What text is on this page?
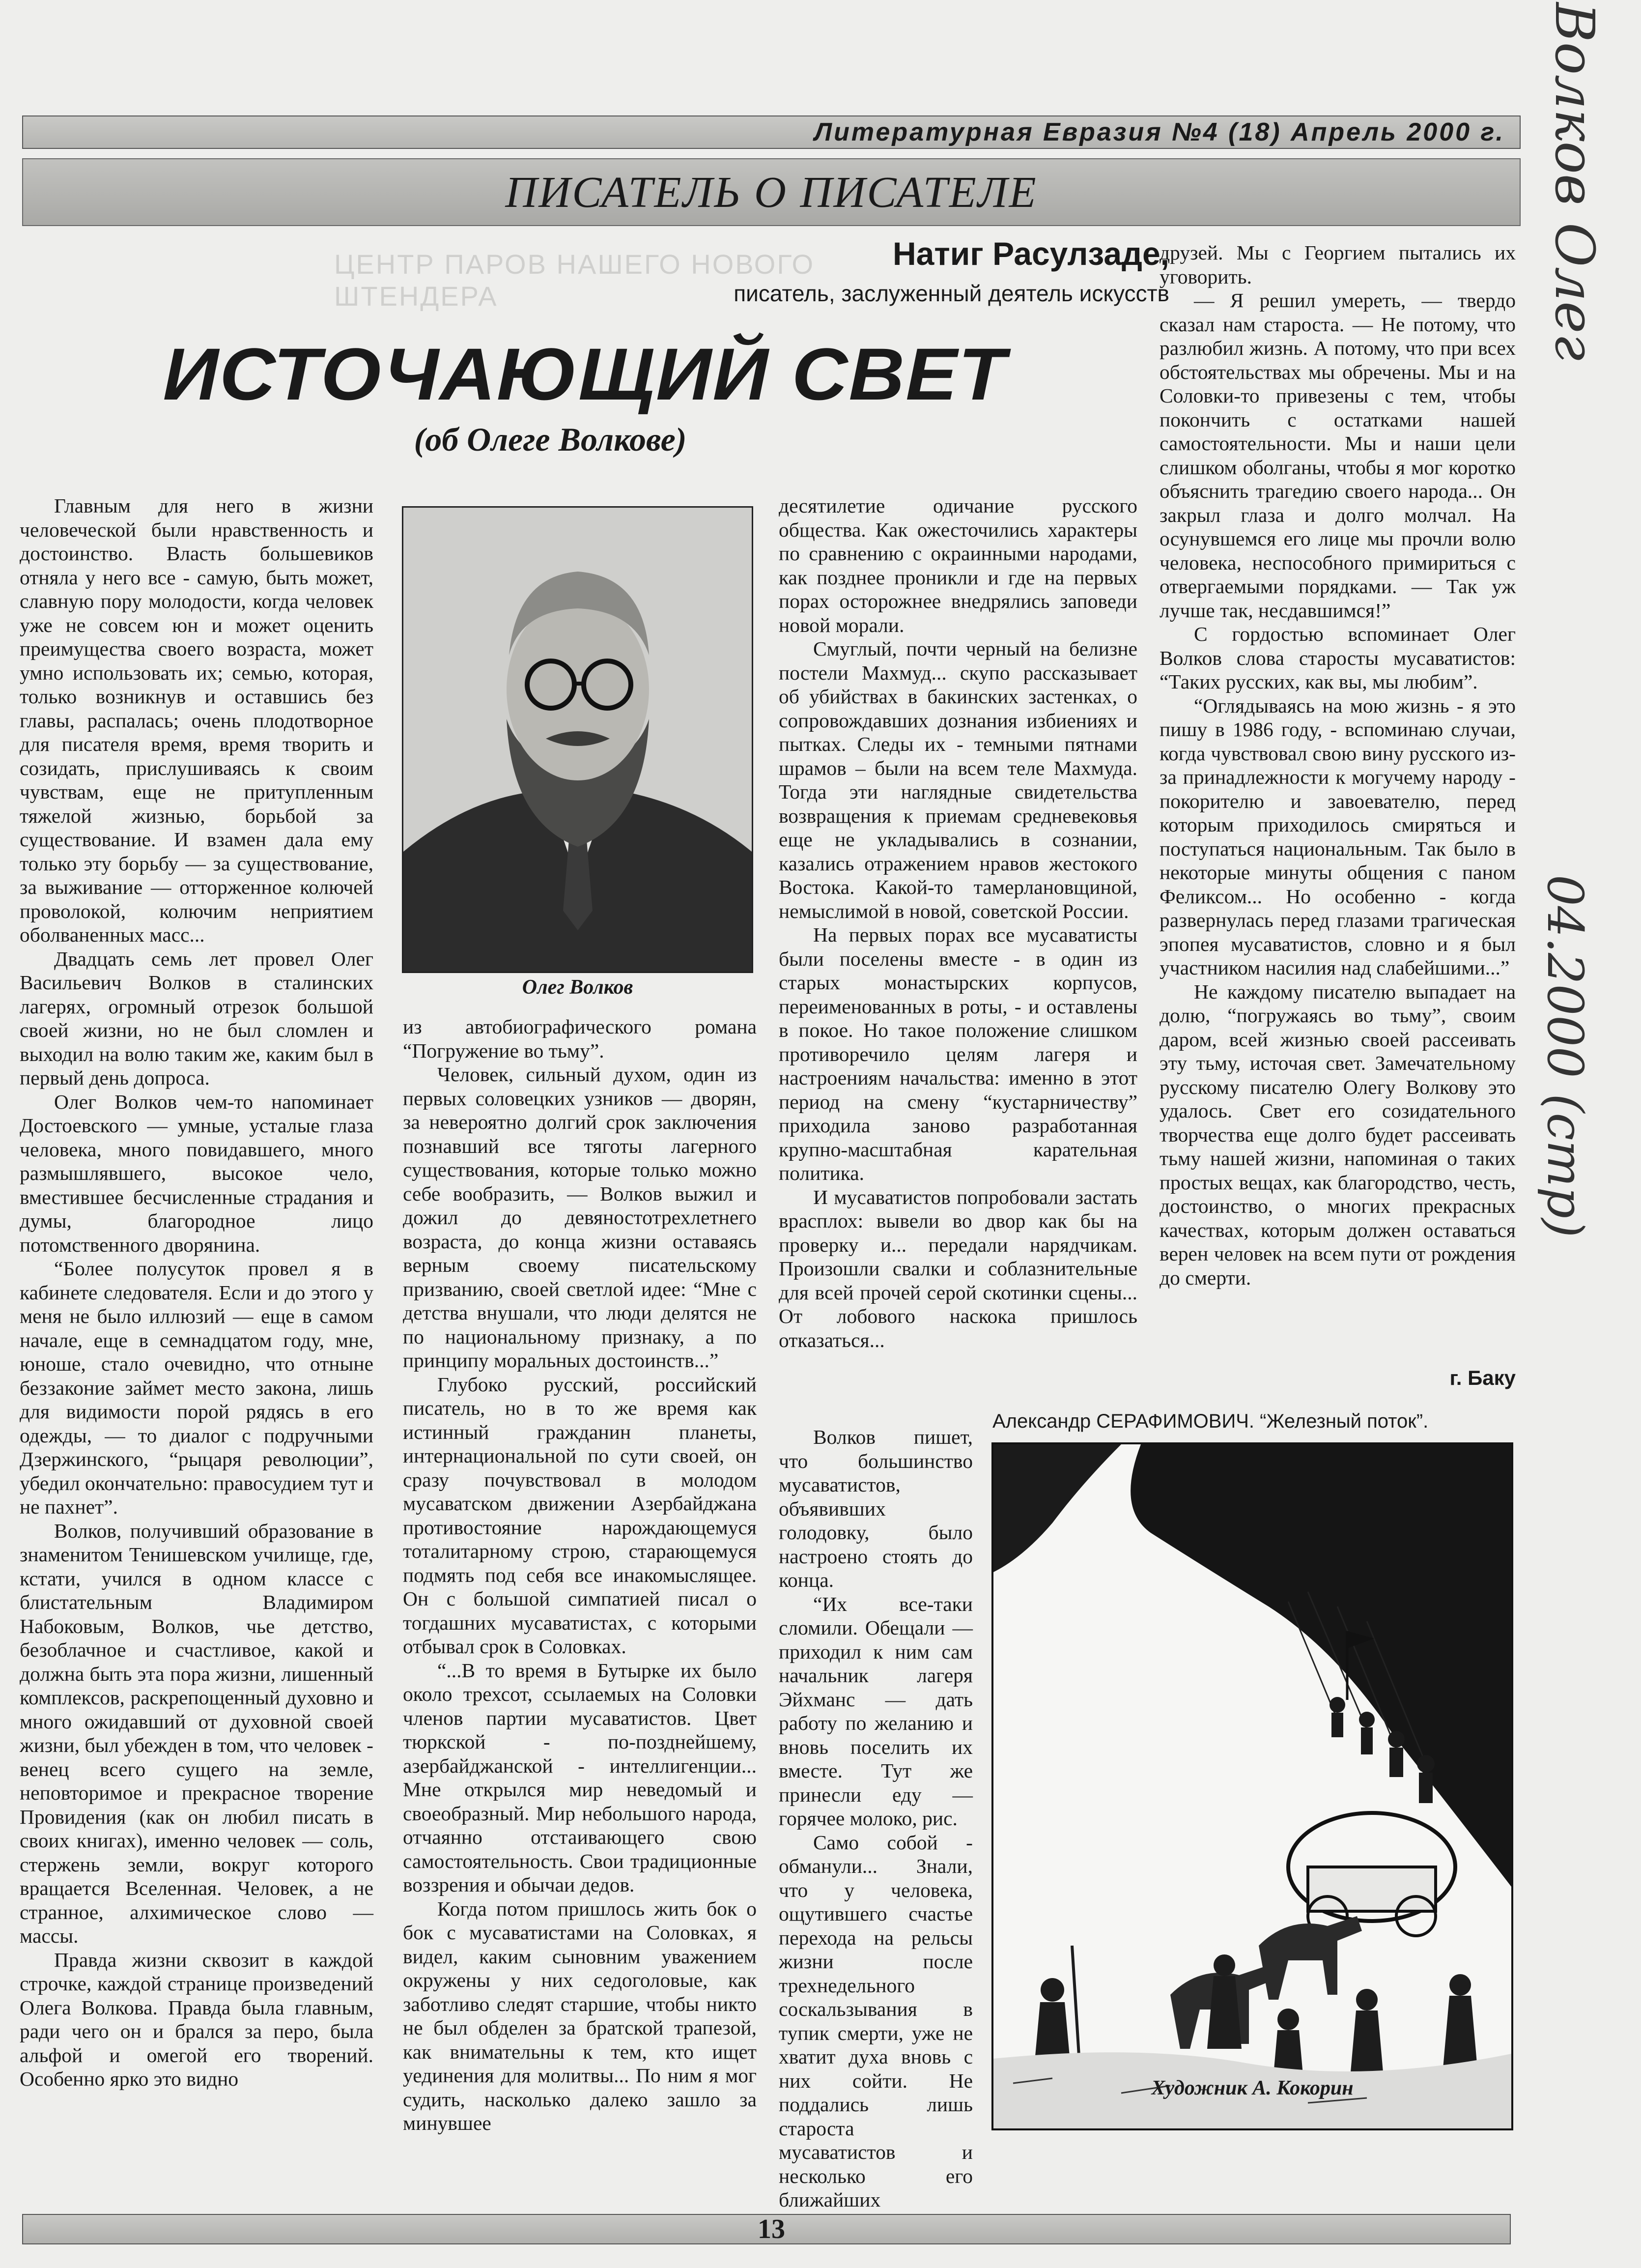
Литературная Евразия №4 (18) Апрель 2000 г.
ПИСАТЕЛЬ О ПИСАТЕЛЕ
ЦЕНТР ПАРОВ НАШЕГО НОВОГО ШТЕНДЕРА
Натиг Расулзаде,
писатель, заслуженный деятель искусств
ИСТОЧАЮЩИЙ СВЕТ
(об Олеге Волкове)

Главным для него в жизни человеческой были нравственность и достоинство. Власть большевиков отняла у него все - самую, быть может, славную пору молодости, когда человек уже не совсем юн и может оценить преимущества своего возраста, может умно использовать их; семью, которая, только возникнув и оставшись без главы, распалась; очень плодотворное для писателя время, время творить и созидать, прислушиваясь к своим чувствам, еще не притупленным тяжелой жизнью, борьбой за существование. И взамен дала ему только эту борьбу — за существование, за выживание — отторженное колючей проволокой, колючим неприятием оболваненных масс...

Двадцать семь лет провел Олег Васильевич Волков в сталинских лагерях, огромный отрезок большой своей жизни, но не был сломлен и выходил на волю таким же, каким был в первый день допроса.

Олег Волков чем-то напоминает Достоевского — умные, усталые глаза человека, много повидавшего, много размышлявшего, высокое чело, вместившее бесчисленные страдания и думы, благородное лицо потомственного дворянина.

“Более полусуток провел я в кабинете следователя. Если и до этого у меня не было иллюзий — еще в самом начале, еще в семнадцатом году, мне, юноше, стало очевидно, что отныне беззаконие займет место закона, лишь для видимости порой рядясь в его одежды, — то диалог с подручными Дзержинского, “рыцаря революции”, убедил окончательно: правосудием тут и не пахнет”.

Волков, получивший образование в знаменитом Тенишевском училище, где, кстати, учился в одном классе с блистательным Владимиром Набоковым, Волков, чье детство, безоблачное и счастливое, какой и должна быть эта пора жизни, лишенный комплексов, раскрепощенный духовно и много ожидавший от духовной своей жизни, был убежден в том, что человек - венец всего сущего на земле, неповторимое и прекрасное творение Провидения (как он любил писать в своих книгах), именно человек — соль, стержень земли, вокруг которого вращается Вселенная. Человек, а не странное, алхимическое слово — массы.

Правда жизни сквозит в каждой строчке, каждой странице произведений Олега Волкова. Правда была главным, ради чего он и брался за перо, была альфой и омегой его творений. Особенно ярко это видно

Олег Волков

из автобиографического романа “Погружение во тьму”.

Человек, сильный духом, один из первых соловецких узников — дворян, за невероятно долгий срок заключения познавший все тяготы лагерного существования, которые только можно себе вообразить, — Волков выжил и дожил до девяностотрехлетнего возраста, до конца жизни оставаясь верным своему писательскому призванию, своей светлой идее: “Мне с детства внушали, что люди делятся не по национальному признаку, а по принципу моральных достоинств...”

Глубоко русский, российский писатель, но в то же время как истинный гражданин планеты, интернациональной по сути своей, он сразу почувствовал в молодом мусаватском движении Азербайджана противостояние нарождающемуся тоталитарному строю, старающемуся подмять под себя все инакомыслящее. Он с большой симпатией писал о тогдашних мусаватистах, с которыми отбывал срок в Соловках.

“...В то время в Бутырке их было около трехсот, ссылаемых на Соловки членов партии мусаватистов. Цвет тюркской - по-позднейшему, азербайджанской - интеллигенции... Мне открылся мир неведомый и своеобразный. Мир небольшого народа, отчаянно отстаивающего свою самостоятельность. Свои традиционные воззрения и обычаи дедов.

Когда потом пришлось жить бок о бок с мусаватистами на Соловках, я видел, каким сыновним уважением окружены у них седоголовые, как заботливо следят старшие, чтобы никто не был обделен за братской трапезой, как внимательны к тем, кто ищет уединения для молитвы... По ним я мог судить, насколько далеко зашло за минувшее

десятилетие одичание русского общества. Как ожесточились характеры по сравнению с окраинными народами, как позднее проникли и где на первых порах осторожнее внедрялись заповеди новой морали.

Смуглый, почти черный на белизне постели Махмуд... скупо рассказывает об убийствах в бакинских застенках, о сопровождавших дознания избиениях и пытках. Следы их - темными пятнами шрамов – были на всем теле Махмуда. Тогда эти наглядные свидетельства возвращения к приемам средневековья еще не укладывались в сознании, казались отражением нравов жестокого Востока. Какой-то тамерлановщиной, немыслимой в новой, советской России.

На первых порах все мусаватисты были поселены вместе - в один из старых монастырских корпусов, переименованных в роты, - и оставлены в покое. Но такое положение слишком противоречило целям лагеря и настроениям начальства: именно в этот период на смену “кустарничеству” приходила заново разработанная крупно-масштабная карательная политика.

И мусаватистов попробовали застать врасплох: вывели во двор как бы на проверку и... передали нарядчикам. Произошли свалки и соблазнительные для всей прочей серой скотинки сцены... От лобового наскока пришлось отказаться...

Волков пишет, что большинство мусаватистов, объявивших голодовку, было настроено стоять до конца.

“Их все-таки сломили. Обещали — приходил к ним сам начальник лагеря Эйхманс — дать работу по желанию и вновь поселить их вместе. Тут же принесли еду — горячее молоко, рис.

Само собой - обманули... Знали, что у человека, ощутившего счастье перехода на рельсы жизни после трехнедельного соскальзывания в тупик смерти, уже не хватит духа вновь с них сойти. Не поддались лишь староста мусаватистов и несколько его ближайших

друзей. Мы с Георгием пытались их уговорить.

— Я решил умереть, — твердо сказал нам староста. — Не потому, что разлюбил жизнь. А потому, что при всех обстоятельствах мы обречены. Мы и на Соловки-то привезены с тем, чтобы покончить с остатками нашей самостоятельности. Мы и наши цели слишком оболганы, чтобы я мог коротко объяснить трагедию своего народа... Он закрыл глаза и долго молчал. На осунувшемся его лице мы прочли волю человека, неспособного примириться с отвергаемыми порядками. — Так уж лучше так, несдавшимся!”

С гордостью вспоминает Олег Волков слова старосты мусаватистов: “Таких русских, как вы, мы любим”.

“Оглядываясь на мою жизнь - я это пишу в 1986 году, - вспоминаю случаи, когда чувствовал свою вину русского из-за принадлежности к могучему народу - покорителю и завоевателю, перед которым приходилось смиряться и поступаться национальным. Так было в некоторые минуты общения с паном Феликсом... Но особенно - когда развернулась перед глазами трагическая эпопея мусаватистов, словно и я был участником насилия над слабейшими...”

Не каждому писателю выпадает на долю, “погружаясь во тьму”, своим даром, всей жизнью своей рассеивать эту тьму, источая свет. Замечательному русскому писателю Олегу Волкову это удалось. Свет его созидательного творчества еще долго будет рассеивать тьму нашей жизни, напоминая о таких простых вещах, как благородство, честь, достоинство, о многих прекрасных качествах, которым должен оставаться верен человек на всем пути от рождения до смерти.

г. Баку
Александр СЕРАФИМОВИЧ. “Железный поток”.
Художник А. Кокорин
13
Волков Олег
04.2000 (стр)
